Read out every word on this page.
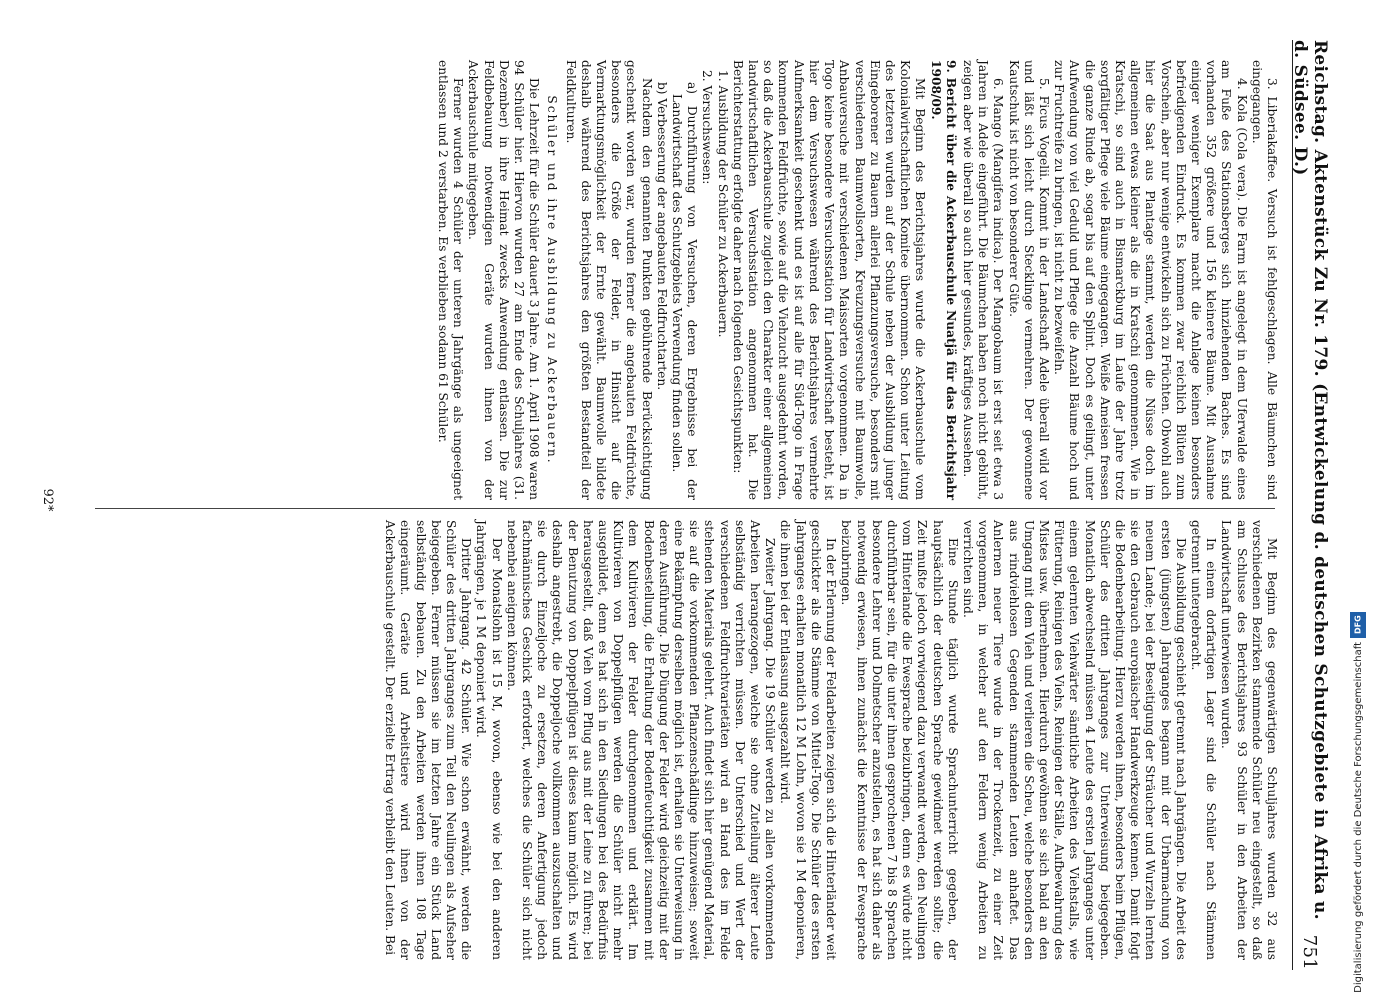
Reichstag. Aktenstück Zu Nr. 179. (Entwickelung d. deutschen Schutzgebiete in Afrika u. d. Südsee. D.)
751

3. Liberiakaffee. Versuch ist fehlgeschlagen. Alle Bäumchen sind eingegangen.

4. Kola (Cola vera). Die Farm ist angelegt in dem Uferwalde eines am Fuße des Stationsberges sich hinziehenden Baches. Es sind vorhanden 352 größere und 156 kleinere Bäume. Mit Ausnahme einiger weniger Exemplare macht die Anlage keinen besonders befriedigenden Eindruck. Es kommen zwar reichlich Blüten zum Vorschein, aber nur wenige entwickeln sich zu Früchten. Obwohl auch hier die Saat aus Plantage stammt, werden die Nüsse doch im allgemeinen etwas kleiner als die in Kratschi genommenen. Wie in Kratschi, so sind auch in Bismarckburg im Laufe der Jahre trotz sorgfältiger Pflege viele Bäume eingegangen. Weiße Ameisen fressen die ganze Rinde ab, sogar bis auf den Splint. Doch es gelingt, unter Aufwendung von viel Geduld und Pflege die Anzahl Bäume hoch und zur Fruchtreife zu bringen, ist nicht zu bezweifeln.

5. Ficus Vogelii. Kommt in der Landschaft Adele überall wild vor und läßt sich leicht durch Stecklinge vermehren. Der gewonnene Kautschuk ist nicht von besonderer Güte.

6. Mango (Mangifera indica). Der Mangobaum ist erst seit etwa 3 Jahren in Adele eingeführt. Die Bäumchen haben noch nicht geblüht, zeigen aber wie überall so auch hier gesundes, kräftiges Aussehen.

9. Bericht über die Ackerbauschule Nuatjä für das Berichtsjahr 1908/09.

Mit Beginn des Berichtsjahres wurde die Ackerbauschule vom Kolonialwirtschaftlichen Komitee übernommen. Schon unter Leitung des letzteren wurden auf der Schule neben der Ausbildung junger Eingeborener zu Bauern allerlei Pflanzungsversuche, besonders mit verschiedenen Baumwollsorten, Kreuzungsversuche mit Baumwolle, Anbauversuche mit verschiedenen Maissorten vorgenommen. Da in Togo keine besondere Versuchsstation für Landwirtschaft besteht, ist hier dem Versuchswesen während des Berichtsjahres vermehrte Aufmerksamkeit geschenkt und es ist auf alle für Süd-Togo in Frage kommenden Feldfrüchte, sowie auf die Viehzucht ausgedehnt worden, so daß die Ackerbauschule zugleich den Charakter einer allgemeinen landwirtschaftlichen Versuchsstation angenommen hat. Die Berichterstattung erfolgte daher nach folgenden Gesichtspunkten:

1. Ausbildung der Schüler zu Ackerbauern.

2. Versuchswesen:

a) Durchführung von Versuchen, deren Ergebnisse bei der Landwirtschaft des Schutzgebiets Verwendung finden sollen.

b) Verbesserung der angebauten Feldfruchtarten.

Nachdem den genannten Punkten gebührende Berücksichtigung geschenkt worden war, wurden ferner die angebauten Feldfrüchte, besonders die Größe der Felder, in Hinsicht auf die Vermarktungsmöglichkeit der Ernte gewählt. Baumwolle bildete deshalb während des Berichtsjahres den größten Bestandteil der Feldkulturen.

Schüler und ihre Ausbildung zu Ackerbauern.

Die Lehrzeit für die Schüler dauert 3 Jahre. Am 1. April 1908 waren 94 Schüler hier. Hiervon wurden 27 am Ende des Schuljahres (31. Dezember) in ihre Heimat zwecks Anwendung entlassen. Die zur Feldbebauung notwendigen Geräte wurden ihnen von der Ackerbauschule mitgegeben.

Ferner wurden 4 Schüler der unteren Jahrgänge als ungeeignet entlassen und 2 verstarben. Es verblieben sodann 61 Schüler.

Mit Beginn des gegenwärtigen Schuljahres wurden 32 aus verschiedenen Bezirken stammende Schüler neu eingestellt, so daß am Schlusse des Berichtsjahres 93 Schüler in den Arbeiten der Landwirtschaft unterwiesen wurden.

In einem dorfartigen Lager sind die Schüler nach Stämmen getrennt untergebracht.

Die Ausbildung geschieht getrennt nach Jahrgängen. Die Arbeit des ersten (jüngsten) Jahrganges begann mit der Urbarmachung von neuem Lande; bei der Beseitigung der Sträucher und Wurzeln lernten sie den Gebrauch europäischer Handwerkzeuge kennen. Damit folgt die Bodenbearbeitung. Hierzu werden ihnen, besonders beim Pflügen, Schüler des dritten Jahrganges zur Unterweisung beigegeben. Monatlich abwechselnd müssen 4 Leute des ersten Jahrganges unter einem gelernten Viehwärter sämtliche Arbeiten des Viehstalls, wie Fütterung, Reinigen des Viehs, Reinigen der Ställe, Aufbewahrung des Mistes usw. übernehmen. Hierdurch gewöhnen sie sich bald an den Umgang mit dem Vieh und verlieren die Scheu, welche besonders den aus rindviehlosen Gegenden stammenden Leuten anhaftet. Das Anlernen neuer Tiere wurde in der Trockenzeit, zu einer Zeit vorgenommen, in welcher auf den Feldern wenig Arbeiten zu verrichten sind.

Eine Stunde täglich wurde Sprachunterricht gegeben, der hauptsächlich der deutschen Sprache gewidmet werden sollte; die Zeit mußte jedoch vorwiegend dazu verwandt werden, den Neulingen vom Hinterlande die Ewesprache beizubringen, denn es würde nicht durchführbar sein, für die unter ihnen gesprochenen 7 bis 8 Sprachen besondere Lehrer und Dolmetscher anzustellen, es hat sich daher als notwendig erwiesen, ihnen zunächst die Kenntnisse der Ewesprache beizubringen.

In der Erlernung der Feldarbeiten zeigen sich die Hinterländer weit geschickter als die Stämme von Mittel-Togo. Die Schüler des ersten Jahrganges erhalten monatlich 12 M Lohn, wovon sie 1 M deponieren, die ihnen bei der Entlassung ausgezahlt wird.

Zweiter Jahrgang. Die 19 Schüler werden zu allen vorkommenden Arbeiten herangezogen, welche sie ohne Zuteilung älterer Leute selbständig verrichten müssen. Der Unterschied und Wert der verschiedenen Feldfruchtvarietäten wird an Hand des im Felde stehenden Materials gelehrt. Auch findet sich hier genügend Material, sie auf die vorkommenden Pflanzenschädlinge hinzuweisen; soweit eine Bekämpfung derselben möglich ist, erhalten sie Unterweisung in deren Ausführung. Die Düngung der Felder wird gleichzeitig mit der Bodenbestellung, die Erhaltung der Bodenfeuchtigkeit zusammen mit dem Kultivieren der Felder durchgenommen und erklärt. Im Kultivieren von Doppelpflügen werden die Schüler nicht mehr ausgebildet, denn es hat sich in den Siedlungen bei des Bedürfnis herausgestellt, daß Vieh vom Pflug aus mit der Leine zu führen; bei der Benutzung von Doppelpflügen ist dieses kaum möglich. Es wird deshalb angestrebt, die Doppeljoche vollkommen auszuschalten und sie durch Einzeljoche zu ersetzen, deren Anfertigung jedoch fachmännisches Geschick erfordert, welches die Schüler sich nicht nebenbei aneignen können.

Der Monatslohn ist 15 M, wovon, ebenso wie bei den anderen Jahrgängen, je 1 M deponiert wird.

Dritter Jahrgang. 42 Schüler. Wie schon erwähnt, werden die Schüler des dritten Jahrganges zum Teil den Neulingen als Aufseher beigegeben. Ferner müssen sie im letzten Jahre ein Stück Land selbständig bebauen. Zu den Arbeiten werden ihnen 108 Tage eingeräumt. Geräte und Arbeitstiere wird ihnen von der Ackerbauschule gestellt. Der erzielte Ertrag verbleibt den Leuten. Bei

92*
DFG
Digitalisierung gefördert durch die Deutsche Forschungsgemeinschaft
